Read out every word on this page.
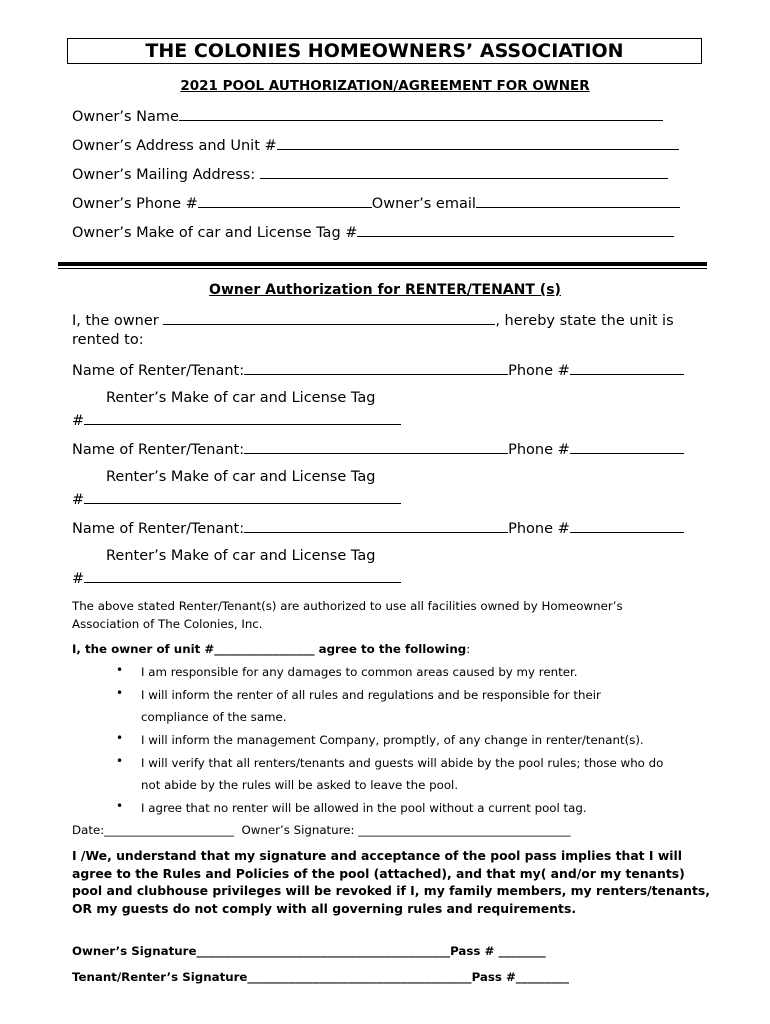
THE COLONIES HOMEOWNERS’ ASSOCIATION
2021 POOL AUTHORIZATION/AGREEMENT FOR OWNER
Owner’s Name
Owner’s Address and Unit #
Owner’s Mailing Address:
Owner’s Phone #	Owner’s email
Owner’s Make of car and License Tag #
Owner Authorization for RENTER/TENANT (s)
I, the owner	, hereby state the unit is
rented to:
Name of Renter/Tenant:	Phone #
Renter’s Make of car and License Tag
#
Name of Renter/Tenant:	Phone #
Renter’s Make of car and License Tag
#
Name of Renter/Tenant:	Phone #
Renter’s Make of car and License Tag
#
The above stated Renter/Tenant(s) are authorized to use all facilities owned by Homeowner’s
Association of The Colonies, Inc.
I, the owner of unit #_________________ agree to the following:
• I am responsible for any damages to common areas caused by my renter.
• I will inform the renter of all rules and regulations and be responsible for their
compliance of the same.
• I will inform the management Company, promptly, of any change in renter/tenant(s).
• I will verify that all renters/tenants and guests will abide by the pool rules; those who do
not abide by the rules will be asked to leave the pool.
• I agree that no renter will be allowed in the pool without a current pool tag.
Date:______________________ Owner’s Signature: ____________________________________
I /We, understand that my signature and acceptance of the pool pass implies that I will agree to the Rules and Policies of the pool (attached), and that my( and/or my tenants) pool and clubhouse privileges will be revoked if I, my family members, my renters/tenants, OR my guests do not comply with all governing rules and requirements.
Owner’s Signature___________________________________________Pass # ________
Tenant/Renter’s Signature______________________________________Pass #_________
